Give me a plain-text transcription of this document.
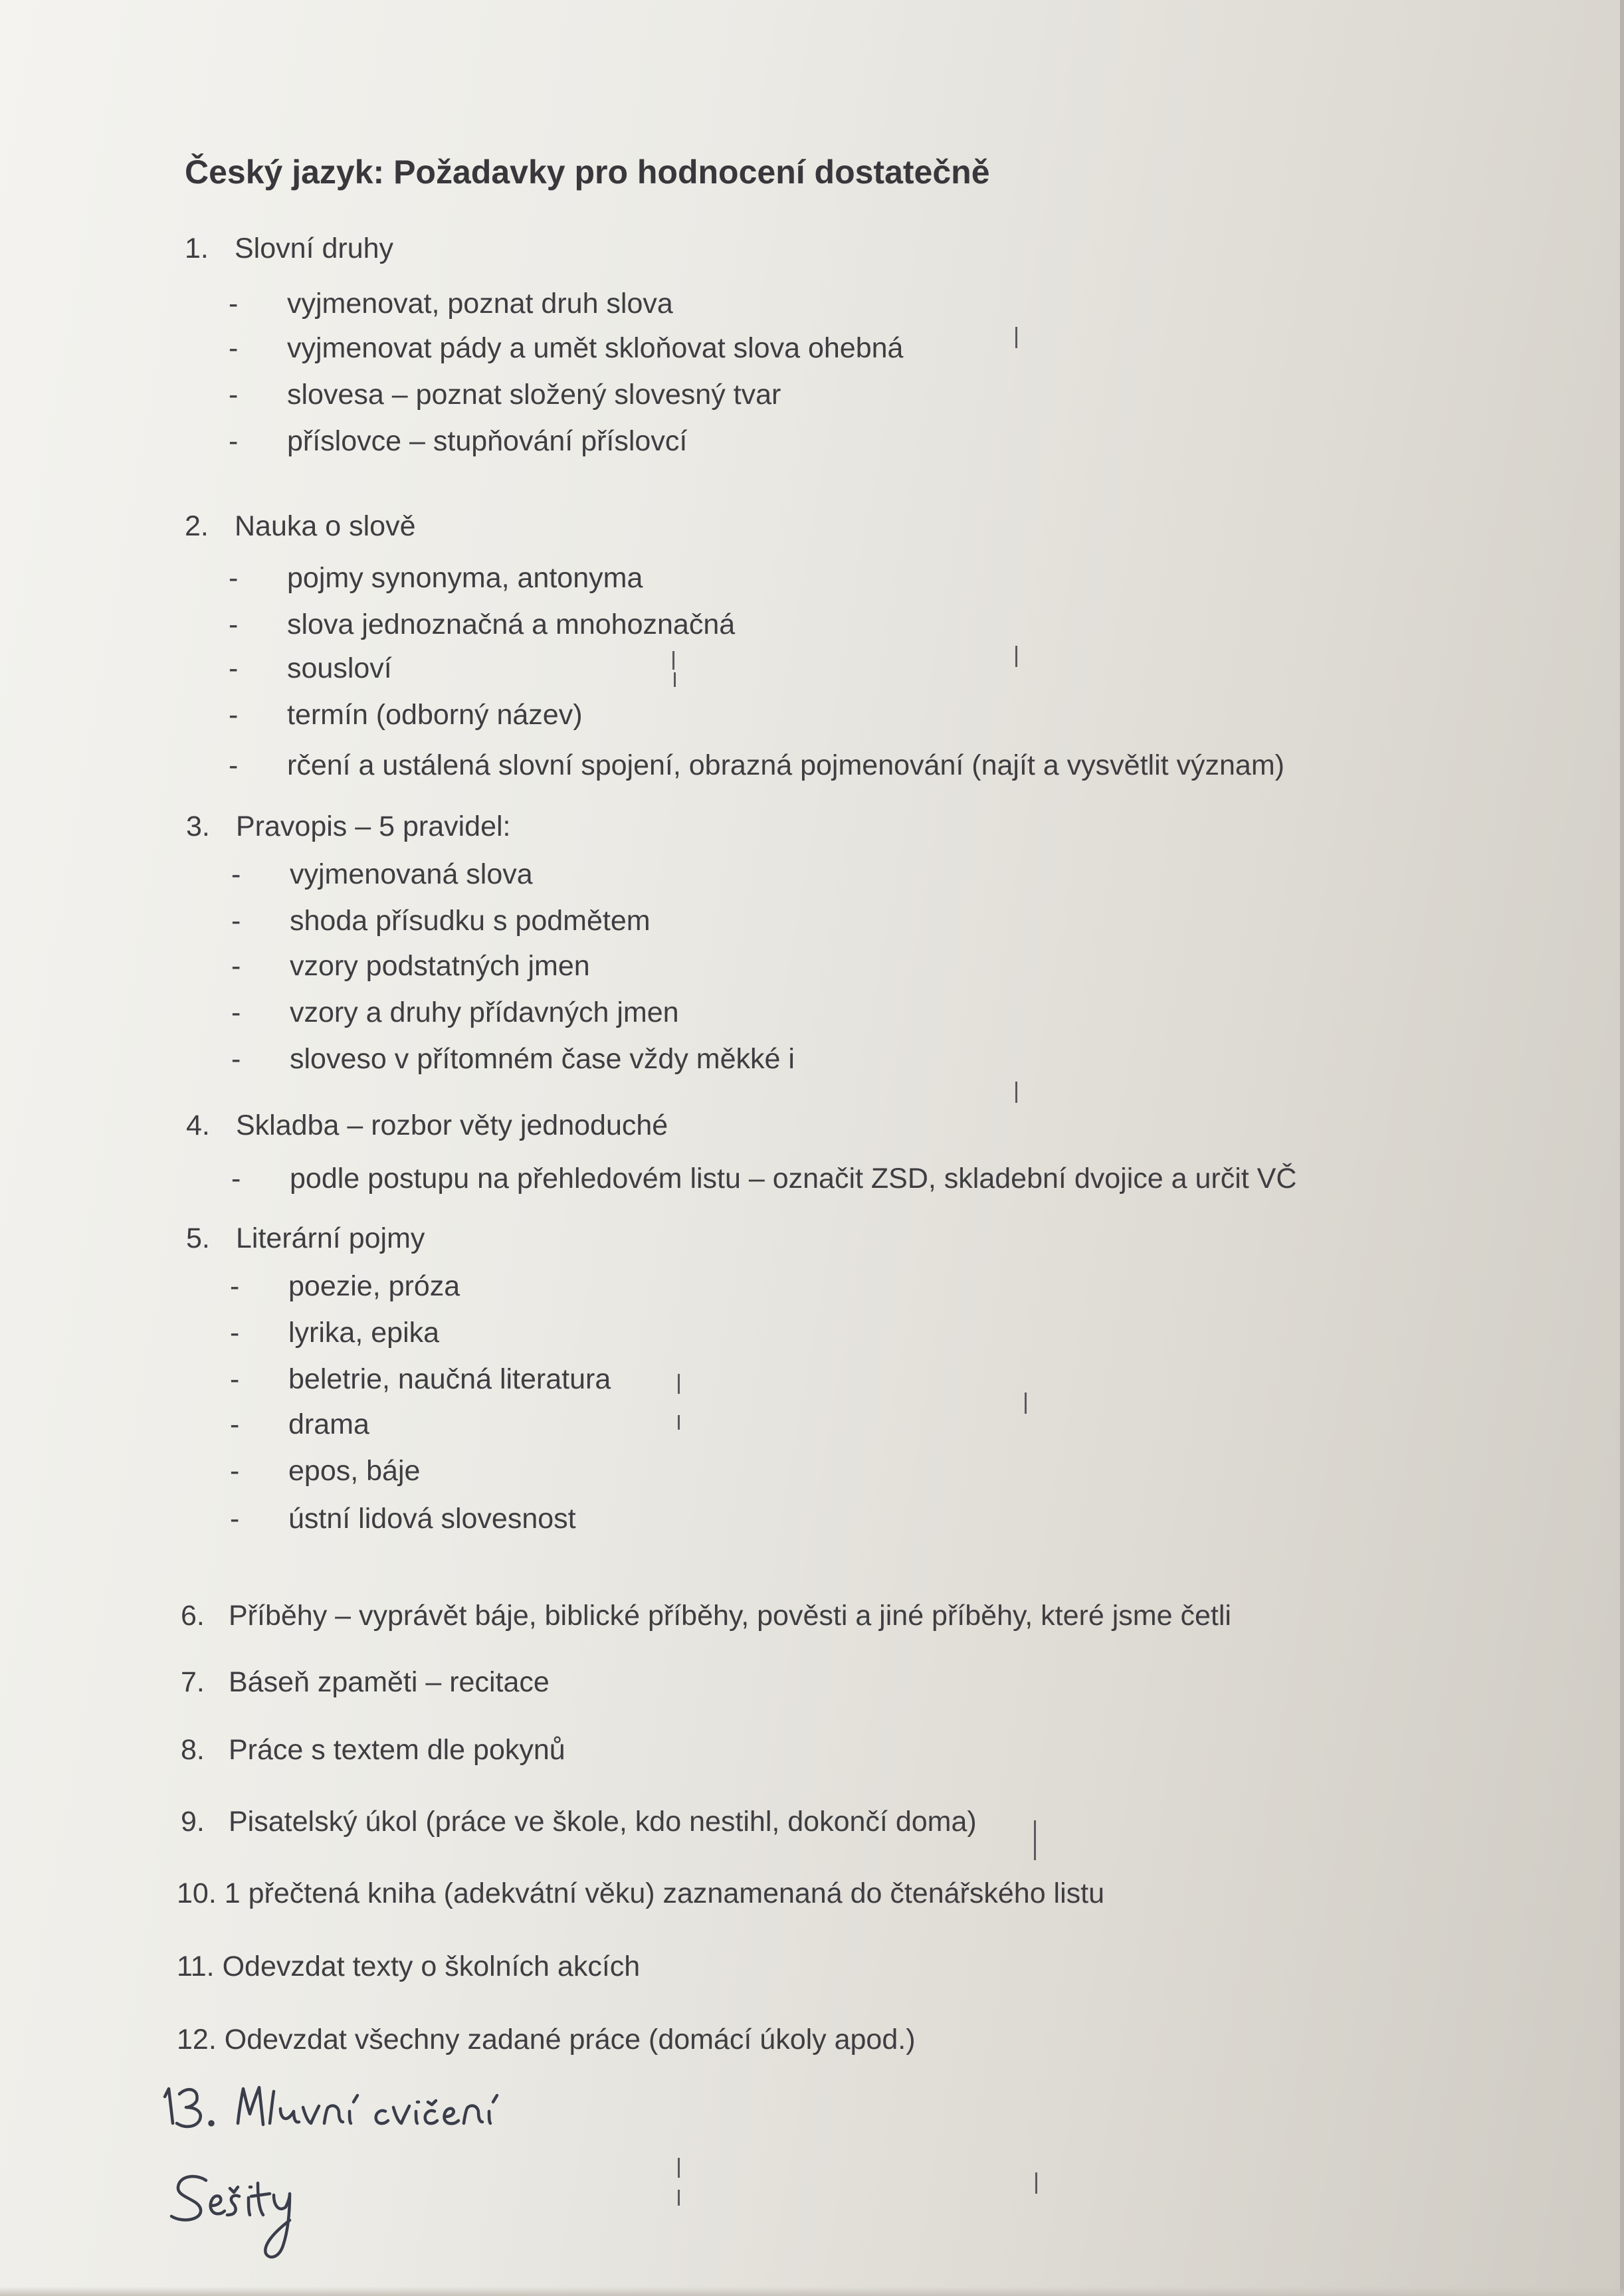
Český jazyk: Požadavky pro hodnocení dostatečně
1. Slovní druhy
- vyjmenovat, poznat druh slova
- vyjmenovat pády a umět skloňovat slova ohebná
- slovesa – poznat složený slovesný tvar
- příslovce – stupňování příslovcí
2. Nauka o slově
- pojmy synonyma, antonyma
- slova jednoznačná a mnohoznačná
- sousloví
- termín (odborný název)
- rčení a ustálená slovní spojení, obrazná pojmenování (najít a vysvětlit význam)
3. Pravopis – 5 pravidel:
- vyjmenovaná slova
- shoda přísudku s podmětem
- vzory podstatných jmen
- vzory a druhy přídavných jmen
- sloveso v přítomném čase vždy měkké i
4. Skladba – rozbor věty jednoduché
- podle postupu na přehledovém listu – označit ZSD, skladební dvojice a určit VČ
5. Literární pojmy
- poezie, próza
- lyrika, epika
- beletrie, naučná literatura
- drama
- epos, báje
- ústní lidová slovesnost
6. Příběhy – vyprávět báje, biblické příběhy, pověsti a jiné příběhy, které jsme četli
7. Báseň zpaměti – recitace
8. Práce s textem dle pokynů
9. Pisatelský úkol (práce ve škole, kdo nestihl, dokončí doma)
10. 1 přečtená kniha (adekvátní věku) zaznamenaná do čtenářského listu
11. Odevzdat texty o školních akcích
12. Odevzdat všechny zadané práce (domácí úkoly apod.)
